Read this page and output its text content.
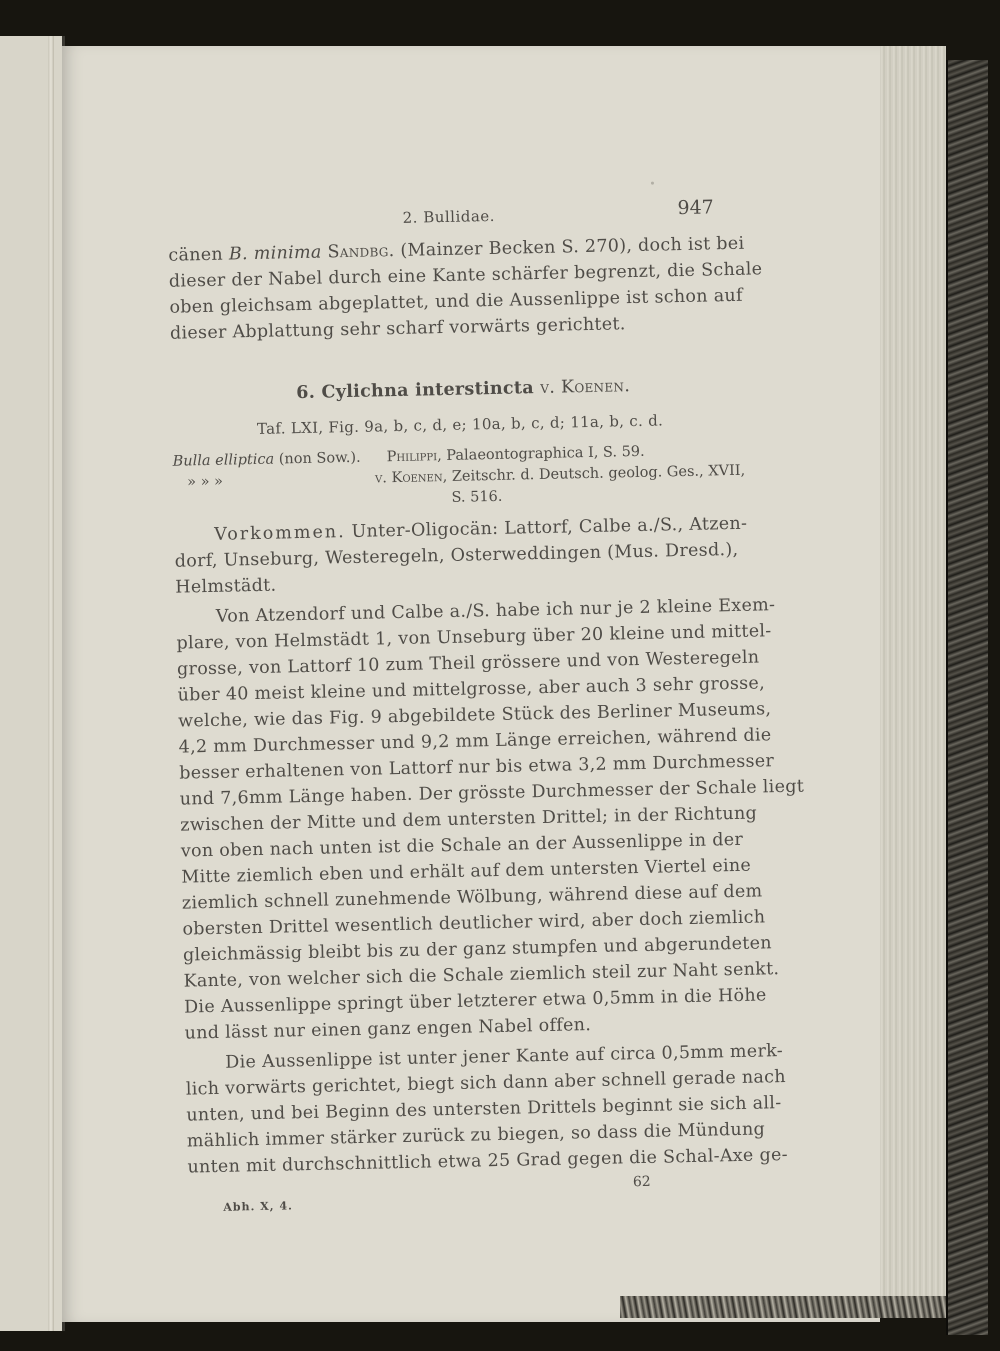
2. Bullidae.	947
cänen B. minima Sandbg. (Mainzer Becken S. 270), doch ist bei
dieser der Nabel durch eine Kante schärfer begrenzt, die Schale
oben gleichsam abgeplattet, und die Aussenlippe ist schon auf
dieser Abplattung sehr scharf vorwärts gerichtet.
6. Cylichna interstincta v. Koenen.
Taf. LXI, Fig. 9a, b, c, d, e; 10a, b, c, d; 11a, b, c. d.
Bulla elliptica (non Sow.). Philippi, Palaeontographica I, S. 59.
» » »	v. Koenen, Zeitschr. d. Deutsch. geolog. Ges., XVII,
S. 516.
Vorkommen. Unter-Oligocän: Lattorf, Calbe a./S., Atzen-
dorf, Unseburg, Westeregeln, Osterweddingen (Mus. Dresd.),
Helmstädt.
Von Atzendorf und Calbe a./S. habe ich nur je 2 kleine Exem-
plare, von Helmstädt 1, von Unseburg über 20 kleine und mittel-
grosse, von Lattorf 10 zum Theil grössere und von Westeregeln
über 40 meist kleine und mittelgrosse, aber auch 3 sehr grosse,
welche, wie das Fig. 9 abgebildete Stück des Berliner Museums,
4,2 mm Durchmesser und 9,2 mm Länge erreichen, während die
besser erhaltenen von Lattorf nur bis etwa 3,2 mm Durchmesser
und 7,6mm Länge haben. Der grösste Durchmesser der Schale liegt
zwischen der Mitte und dem untersten Drittel; in der Richtung
von oben nach unten ist die Schale an der Aussenlippe in der
Mitte ziemlich eben und erhält auf dem untersten Viertel eine
ziemlich schnell zunehmende Wölbung, während diese auf dem
obersten Drittel wesentlich deutlicher wird, aber doch ziemlich
gleichmässig bleibt bis zu der ganz stumpfen und abgerundeten
Kante, von welcher sich die Schale ziemlich steil zur Naht senkt.
Die Aussenlippe springt über letzterer etwa 0,5mm in die Höhe
und lässt nur einen ganz engen Nabel offen.
Die Aussenlippe ist unter jener Kante auf circa 0,5mm merk-
lich vorwärts gerichtet, biegt sich dann aber schnell gerade nach
unten, und bei Beginn des untersten Drittels beginnt sie sich all-
mählich immer stärker zurück zu biegen, so dass die Mündung
unten mit durchschnittlich etwa 25 Grad gegen die Schal-Axe ge-
62
Abh. X, 4.
